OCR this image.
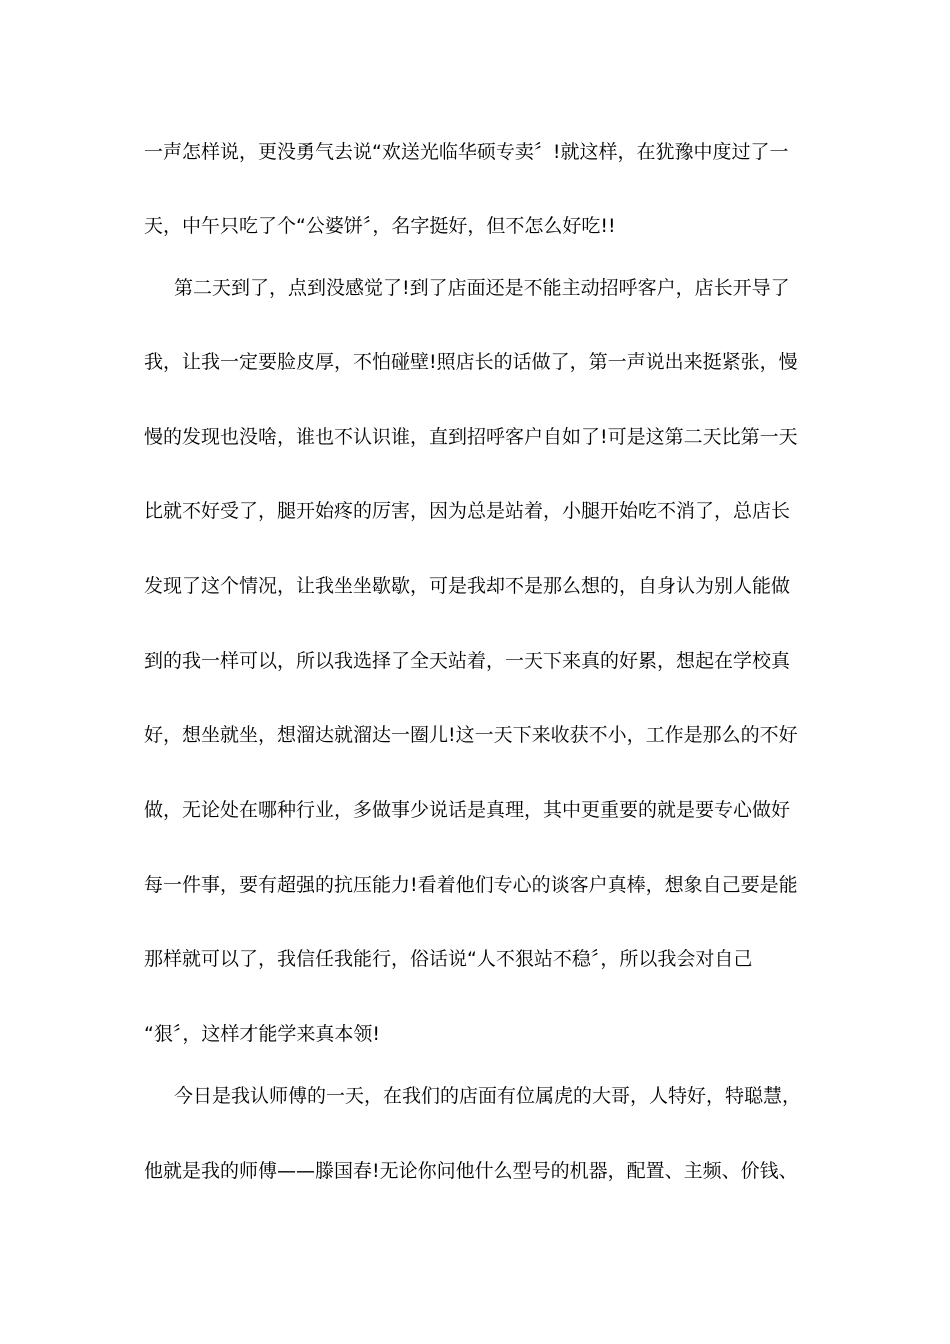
一声怎样说，更没勇气去说“欢送光临华硕专卖〞!就这样，在犹豫中度过了一
天，中午只吃了个“公婆饼〞，名字挺好，但不怎么好吃!!
第二天到了，点到没感觉了!到了店面还是不能主动招呼客户，店长开导了
我，让我一定要脸皮厚，不怕碰壁!照店长的话做了，第一声说出来挺紧张，慢
慢的发现也没啥，谁也不认识谁，直到招呼客户自如了!可是这第二天比第一天
比就不好受了，腿开始疼的厉害，因为总是站着，小腿开始吃不消了，总店长
发现了这个情况，让我坐坐歇歇，可是我却不是那么想的，自身认为别人能做
到的我一样可以，所以我选择了全天站着，一天下来真的好累，想起在学校真
好，想坐就坐，想溜达就溜达一圈儿!这一天下来收获不小，工作是那么的不好
做，无论处在哪种行业，多做事少说话是真理，其中更重要的就是要专心做好
每一件事，要有超强的抗压能力!看着他们专心的谈客户真棒，想象自己要是能
那样就可以了，我信任我能行，俗话说“人不狠站不稳〞，所以我会对自己
“狠〞，这样才能学来真本领!
今日是我认师傅的一天，在我们的店面有位属虎的大哥，人特好，特聪慧，
他就是我的师傅——滕国春!无论你问他什么型号的机器，配置、主频、价钱、
